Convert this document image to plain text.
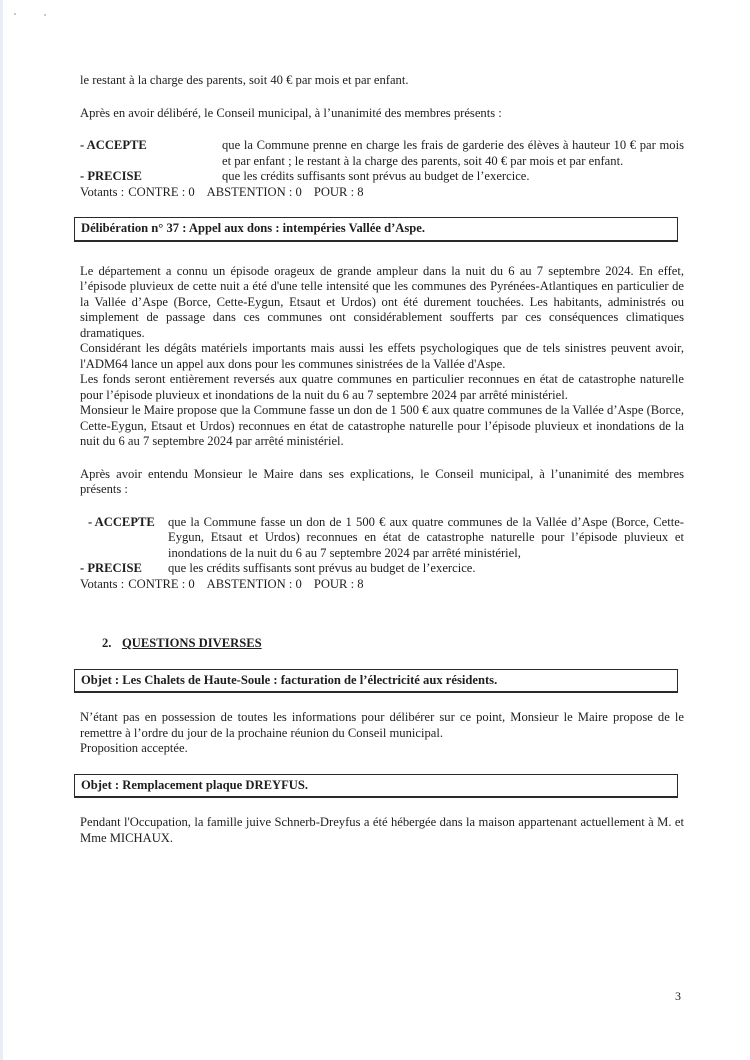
le restant à la charge des parents, soit 40 € par mois et par enfant.

Après en avoir délibéré, le Conseil municipal, à l’unanimité des membres présents :

- ACCEPTE	que la Commune prenne en charge les frais de garderie des élèves à hauteur 10 € par mois et par enfant ; le restant à la charge des parents, soit 40 € par mois et par enfant.
- PRECISE	que les crédits suffisants sont prévus au budget de l’exercice.

Votants : CONTRE : 0 ABSTENTION : 0 POUR : 8

Délibération n° 37 : Appel aux dons : intempéries Vallée d’Aspe.

Le département a connu un épisode orageux de grande ampleur dans la nuit du 6 au 7 septembre 2024. En effet, l’épisode pluvieux de cette nuit a été d'une telle intensité que les communes des Pyrénées-Atlantiques en particulier de la Vallée d’Aspe (Borce, Cette-Eygun, Etsaut et Urdos) ont été durement touchées. Les habitants, administrés ou simplement de passage dans ces communes ont considérablement soufferts par ces conséquences climatiques dramatiques.

Considérant les dégâts matériels importants mais aussi les effets psychologiques que de tels sinistres peuvent avoir, l'ADM64 lance un appel aux dons pour les communes sinistrées de la Vallée d'Aspe.

Les fonds seront entièrement reversés aux quatre communes en particulier reconnues en état de catastrophe naturelle pour l’épisode pluvieux et inondations de la nuit du 6 au 7 septembre 2024 par arrêté ministériel.

Monsieur le Maire propose que la Commune fasse un don de 1 500 € aux quatre communes de la Vallée d’Aspe (Borce, Cette-Eygun, Etsaut et Urdos) reconnues en état de catastrophe naturelle pour l’épisode pluvieux et inondations de la nuit du 6 au 7 septembre 2024 par arrêté ministériel.

Après avoir entendu Monsieur le Maire dans ses explications, le Conseil municipal, à l’unanimité des membres présents :

- ACCEPTE	que la Commune fasse un don de 1 500 € aux quatre communes de la Vallée d’Aspe (Borce, Cette-Eygun, Etsaut et Urdos) reconnues en état de catastrophe naturelle pour l’épisode pluvieux et inondations de la nuit du 6 au 7 septembre 2024 par arrêté ministériel,
- PRECISE	que les crédits suffisants sont prévus au budget de l’exercice.

Votants : CONTRE : 0 ABSTENTION : 0 POUR : 8

2. QUESTIONS DIVERSES
Objet : Les Chalets de Haute-Soule : facturation de l’électricité aux résidents.

N’étant pas en possession de toutes les informations pour délibérer sur ce point, Monsieur le Maire propose de le remettre à l’ordre du jour de la prochaine réunion du Conseil municipal.

Proposition acceptée.

Objet : Remplacement plaque DREYFUS.

Pendant l'Occupation, la famille juive Schnerb-Dreyfus a été hébergée dans la maison appartenant actuellement à M. et Mme MICHAUX.

3
